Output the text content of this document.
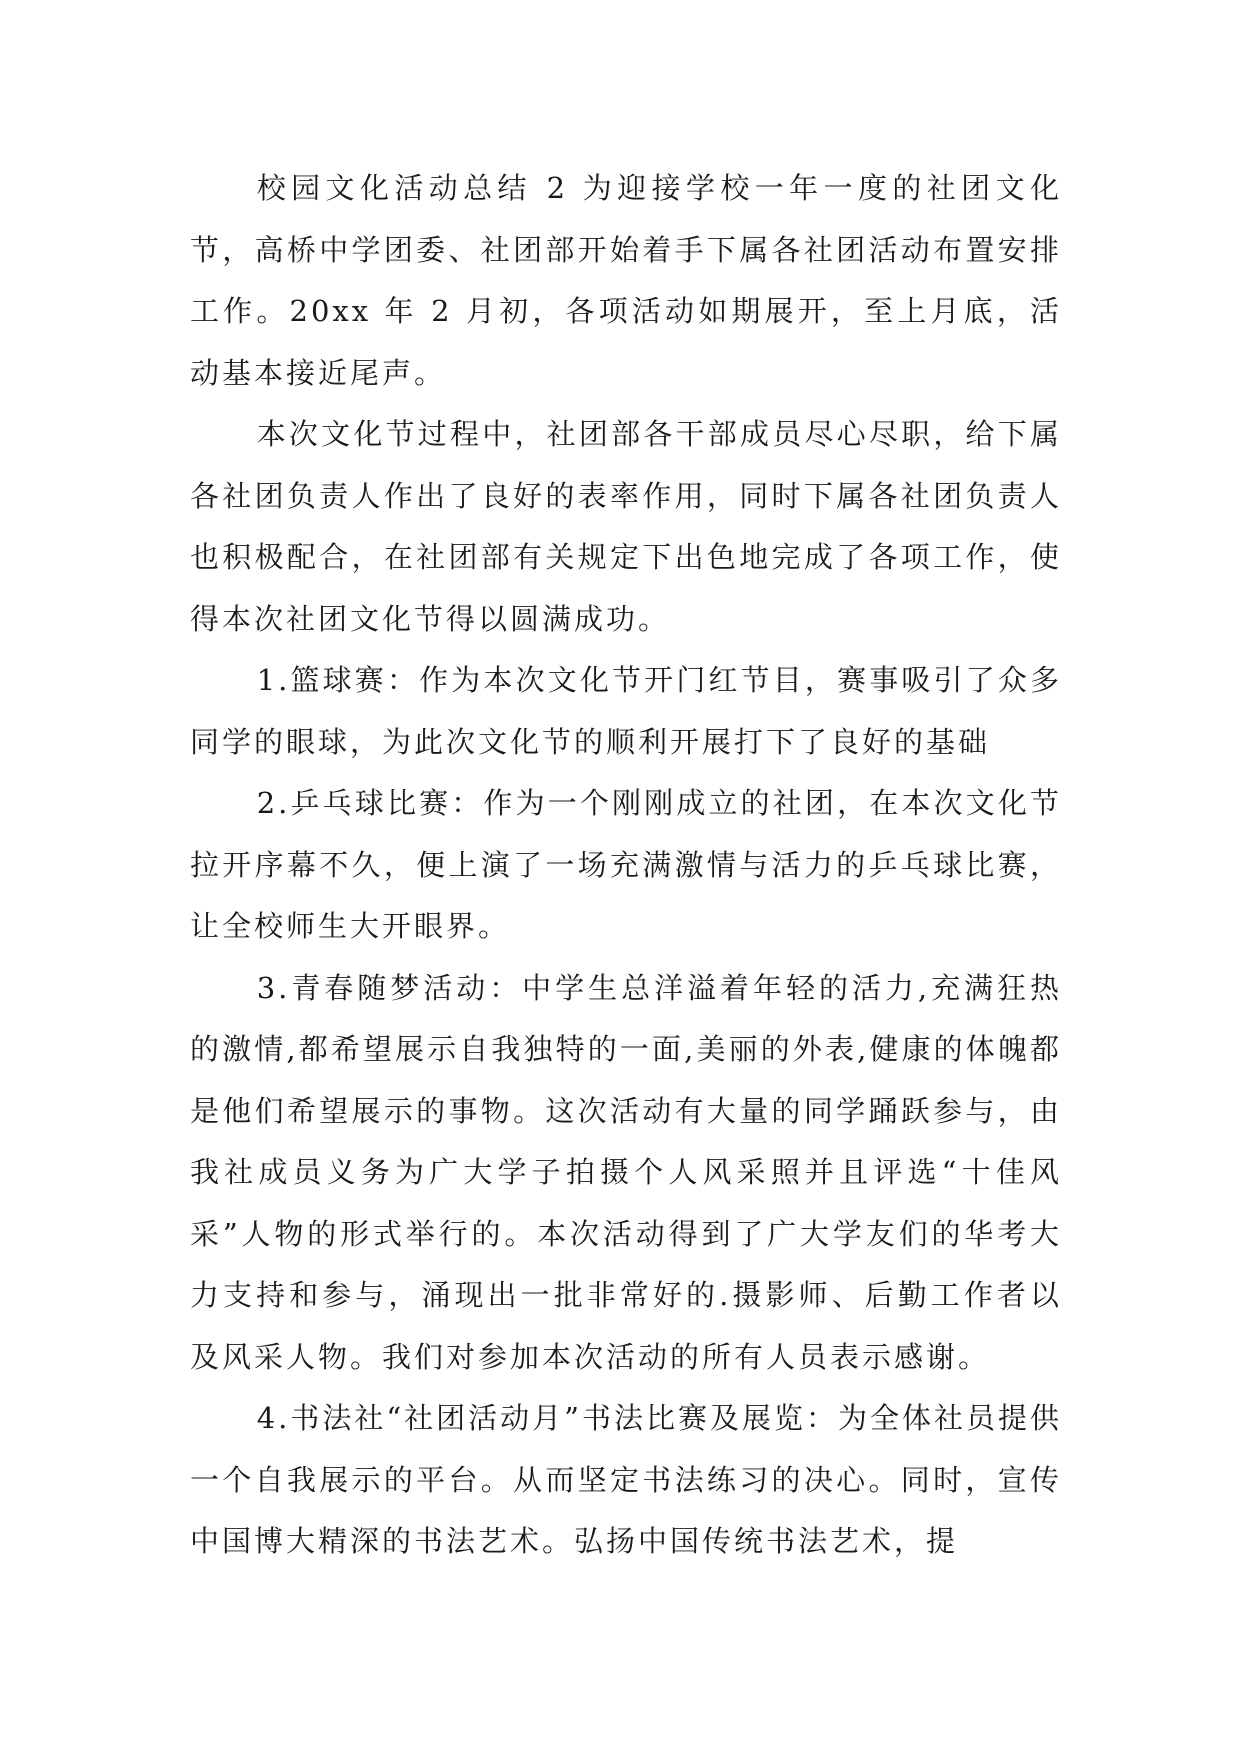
校园文化活动总结 2 为迎接学校一年一度的社团文化节，高桥中学团委、社团部开始着手下属各社团活动布置安排工作。20xx 年 2 月初，各项活动如期展开，至上月底，活动基本接近尾声。

本次文化节过程中，社团部各干部成员尽心尽职，给下属各社团负责人作出了良好的表率作用，同时下属各社团负责人也积极配合，在社团部有关规定下出色地完成了各项工作，使得本次社团文化节得以圆满成功。

1.篮球赛：作为本次文化节开门红节目，赛事吸引了众多同学的眼球，为此次文化节的顺利开展打下了良好的基础

2.乒乓球比赛：作为一个刚刚成立的社团，在本次文化节拉开序幕不久，便上演了一场充满激情与活力的乒乓球比赛，让全校师生大开眼界。

3.青春随梦活动：中学生总洋溢着年轻的活力,充满狂热的激情,都希望展示自我独特的一面,美丽的外表,健康的体魄都是他们希望展示的事物。这次活动有大量的同学踊跃参与，由我社成员义务为广大学子拍摄个人风采照并且评选“十佳风采”人物的形式举行的。本次活动得到了广大学友们的华考大力支持和参与，涌现出一批非常好的.摄影师、后勤工作者以及风采人物。我们对参加本次活动的所有人员表示感谢。

4.书法社“社团活动月”书法比赛及展览：为全体社员提供一个自我展示的平台。从而坚定书法练习的决心。同时，宣传中国博大精深的书法艺术。弘扬中国传统书法艺术，提
